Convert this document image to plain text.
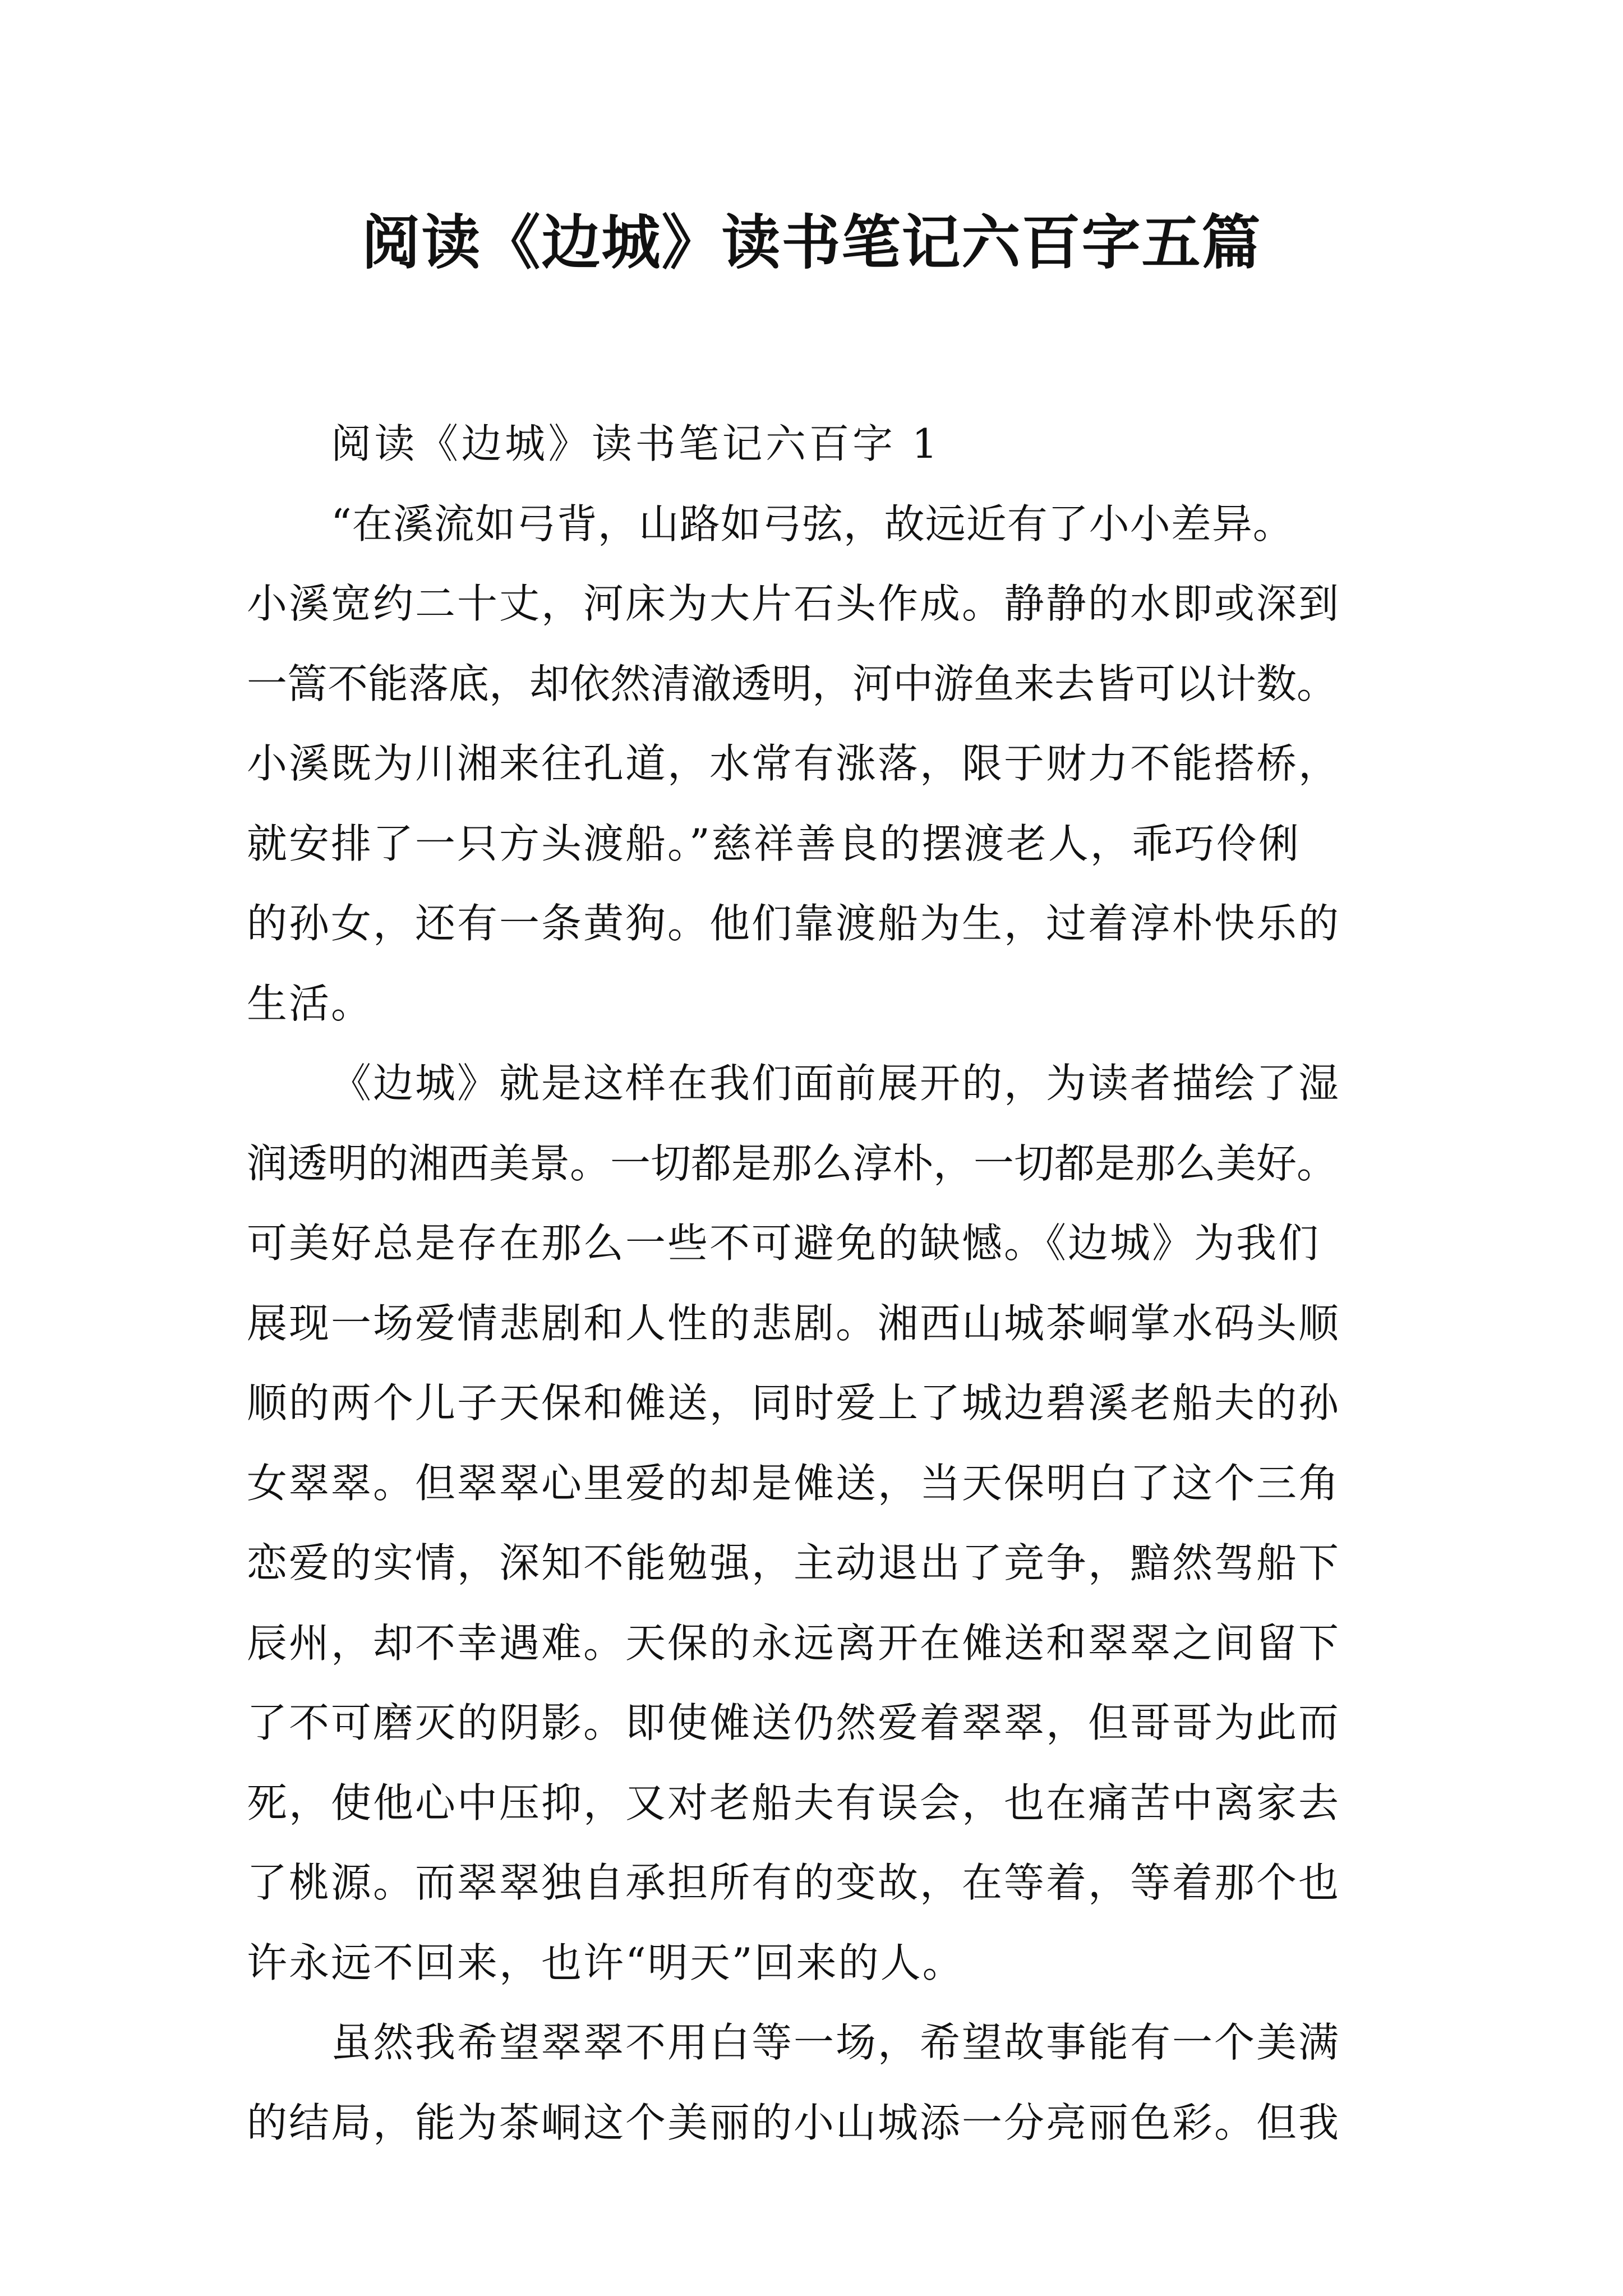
阅读《边城》读书笔记六百字五篇
阅读《边城》读书笔记六百字 1
“在溪流如弓背，山路如弓弦，故远近有了小小差异。
小溪宽约二十丈，河床为大片石头作成。静静的水即或深到
一篙不能落底，却依然清澈透明，河中游鱼来去皆可以计数。
小溪既为川湘来往孔道，水常有涨落，限于财力不能搭桥，
就安排了一只方头渡船。”慈祥善良的摆渡老人，乖巧伶俐
的孙女，还有一条黄狗。他们靠渡船为生，过着淳朴快乐的
生活。
《边城》就是这样在我们面前展开的，为读者描绘了湿
润透明的湘西美景。一切都是那么淳朴，一切都是那么美好。
可美好总是存在那么一些不可避免的缺憾。《边城》为我们
展现一场爱情悲剧和人性的悲剧。湘西山城茶峒掌水码头顺
顺的两个儿子天保和傩送，同时爱上了城边碧溪老船夫的孙
女翠翠。但翠翠心里爱的却是傩送，当天保明白了这个三角
恋爱的实情，深知不能勉强，主动退出了竞争，黯然驾船下
辰州，却不幸遇难。天保的永远离开在傩送和翠翠之间留下
了不可磨灭的阴影。即使傩送仍然爱着翠翠，但哥哥为此而
死，使他心中压抑，又对老船夫有误会，也在痛苦中离家去
了桃源。而翠翠独自承担所有的变故，在等着，等着那个也
许永远不回来，也许“明天”回来的人。
虽然我希望翠翠不用白等一场，希望故事能有一个美满
的结局，能为茶峒这个美丽的小山城添一分亮丽色彩。但我
